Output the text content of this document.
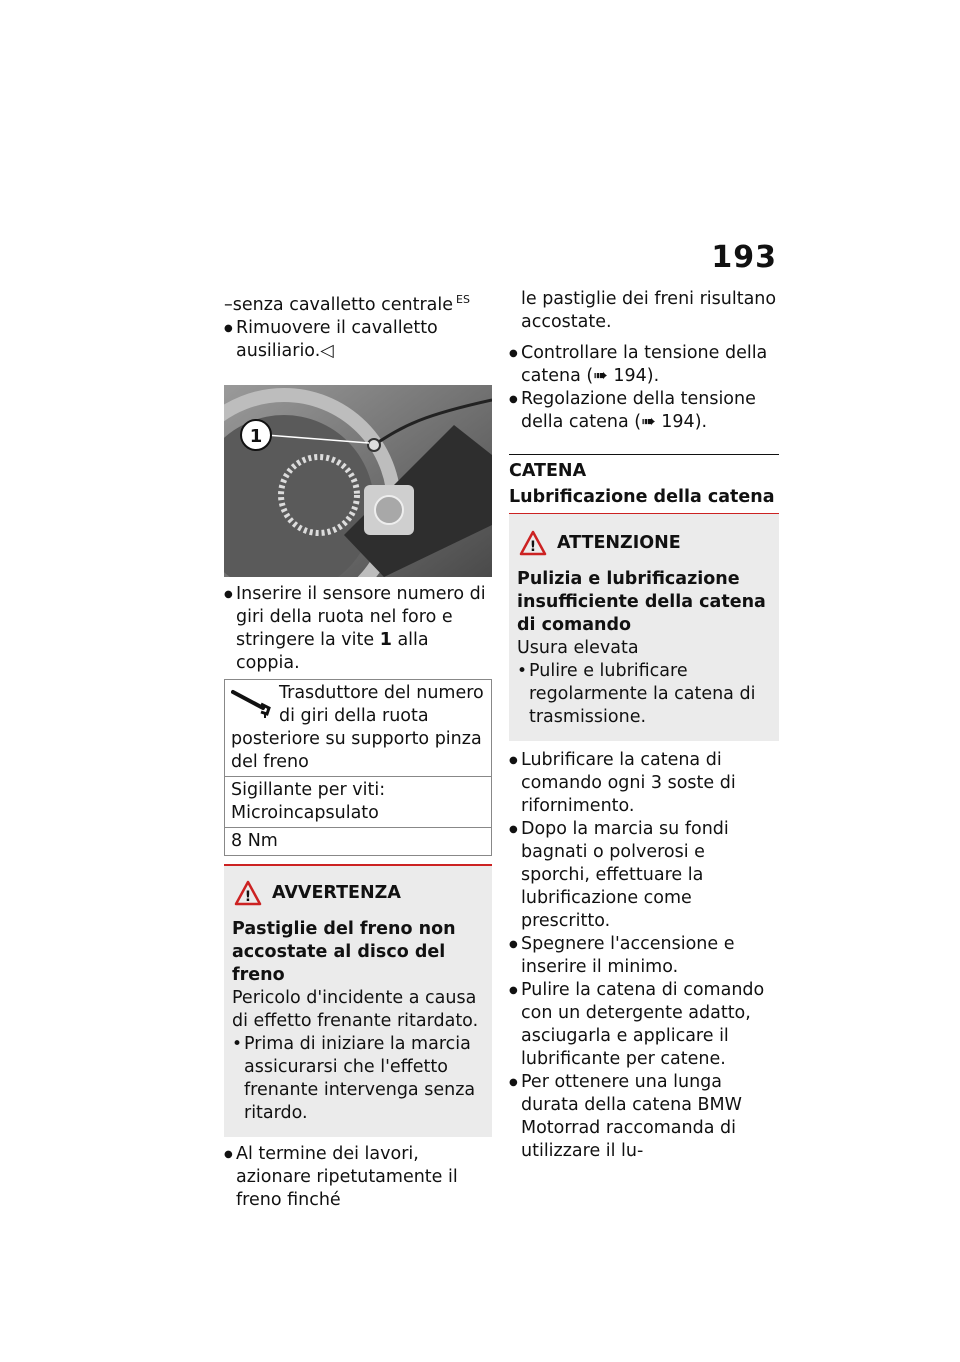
193

–senza cavalletto centrale $^{ES}$

● Rimuovere il cavalletto ausiliario.◁
1
● Inserire il sensore numero di giri della ruota nel foro e stringere la vite 1 alla coppia.
Trasduttore del numero di giri della ruota posteriore su supporto pinza del freno
Sigillante per viti: Microincapsulato
8 Nm
! AVVERTENZA

Pastiglie del freno non accostate al disco del freno

Pericolo d'incidente a causa di effetto frenante ritardato.

• Prima di iniziare la marcia assicurarsi che l'effetto frenante intervenga senza ritardo.
● Al termine dei lavori, azionare ripetutamente il freno finché

le pastiglie dei freni risultano accostate.

● Controllare la tensione della catena (➠ 194).
● Regolazione della tensione della catena (➠ 194).
CATENA
Lubrificazione della catena
! ATTENZIONE

Pulizia e lubrificazione insufficiente della catena di comando

Usura elevata

• Pulire e lubrificare regolarmente la catena di trasmissione.
● Lubrificare la catena di comando ogni 3 soste di rifornimento.
● Dopo la marcia su fondi bagnati o polverosi e sporchi, effettuare la lubrificazione come prescritto.
● Spegnere l'accensione e inserire il minimo.
● Pulire la catena di comando con un detergente adatto, asciugarla e applicare il lubrificante per catene.
● Per ottenere una lunga durata della catena BMW Motorrad raccomanda di utilizzare il lu-
